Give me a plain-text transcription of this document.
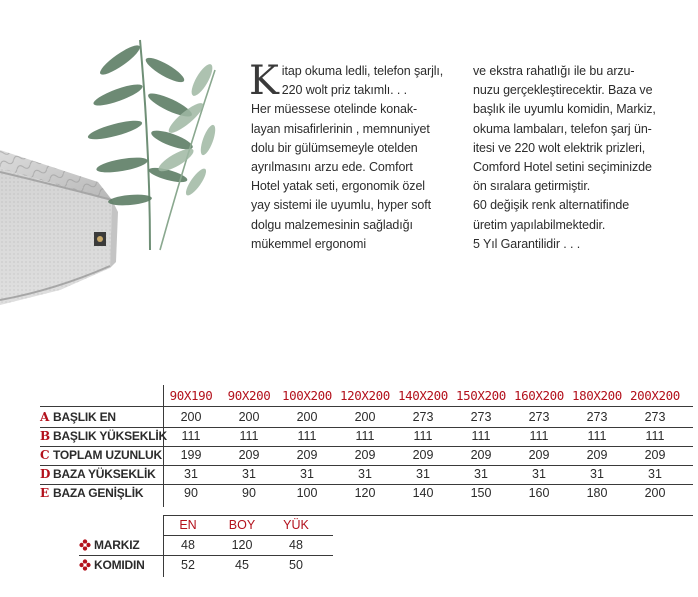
K itap okuma ledli, telefon şarjlı,
220 wolt priz takımlı. . .
Her müessese otelinde konak-
layan misafirlerinin , memnuniyet
dolu bir gülümsemeyle otelden
ayrılmasını arzu ede. Comfort
Hotel yatak seti, ergonomik özel
yay sistemi ile uyumlu, hyper soft
dolgu malzemesinin sağladığı
mükemmel ergonomi
ve ekstra rahatlığı ile bu arzu-
nuzu gerçekleştirecektir. Baza ve
başlık ile uyumlu komidin, Markiz,
okuma lambaları, telefon şarj ün-
itesi ve 220 wolt elektrik prizleri,
Comford Hotel setini seçiminizde
ön sıralara getirmiştir.
60 değişik renk alternatifinde
üretim yapılabilmektedir.
5 Yıl Garantilidir . . .
90X190	90X200 100X200 120X200 140X200 150X200 160X200 180X200 200X200
A BAŞLIK EN	200	200	200	200	273	273	273	273	273
B BAŞLIK YÜKSEKLİK	111	111	111	111	111	111	111	111	111
C TOPLAM UZUNLUK	199	209	209	209	209	209	209	209	209
D BAZA YÜKSEKLİK	31	31	31	31	31	31	31	31	31
E BAZA GENİŞLİK	90	90	100	120	140	150	160	180	200
EN	BOY	YÜK
MARKIZ	48	120	48
KOMIDIN	52	45	50
